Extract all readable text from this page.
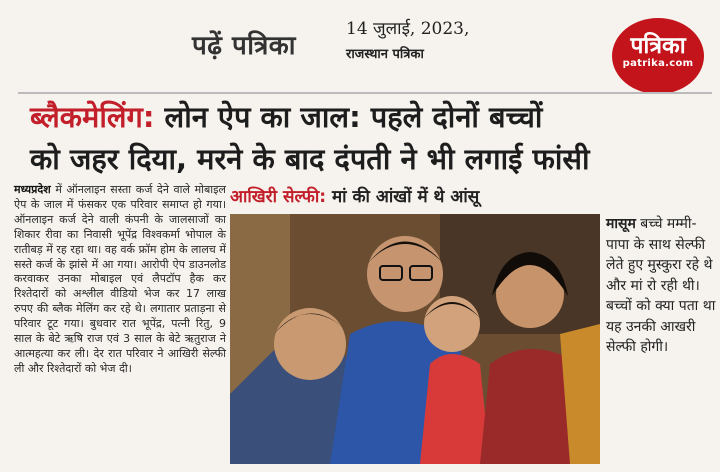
पढ़ें पत्रिका
14 जुलाई, 2023,
राजस्थान पत्रिका	पत्रिका
patrika.com
ब्लैकमेलिंग: लोन ऐप का जाल: पहले दोनों बच्चों
को जहर दिया, मरने के बाद दंपती ने भी लगाई फांसी
मध्यप्रदेश में ऑनलाइन सस्ता कर्ज देने वाले मोबाइल ऐप के जाल में फंसकर एक परिवार समाप्त हो गया। ऑनलाइन कर्ज देने वाली कंपनी के जालसाजों का शिकार रीवा का निवासी भूपेंद्र विश्वकर्मा भोपाल के रातीबड़ में रह रहा था। वह वर्क फ्रॉम होम के लालच में सस्ते कर्ज के झांसे में आ गया। आरोपी ऐप डाउनलोड करवाकर उनका मोबाइल एवं लैपटॉप हैक कर रिश्तेदारों को अश्लील वीडियो भेज कर 17 लाख रुपए की ब्लैक मेलिंग कर रहे थे। लगातार प्रताड़ना से परिवार टूट गया। बुधवार रात भूपेंद्र, पत्नी रितु, 9 साल के बेटे ऋषि राज एवं 3 साल के बेटे ऋतुराज ने आत्महत्या कर ली। देर रात परिवार ने आखिरी सेल्फी ली और रिश्तेदारों को भेज दी।
आखिरी सेल्फी: मां की आंखों में थे आंसू
मासूम बच्चे मम्मी-पापा के साथ सेल्फी लेते हुए मुस्कुरा रहे थे और मां रो रही थी। बच्चों को क्या पता था यह उनकी आखरी सेल्फी होगी।
